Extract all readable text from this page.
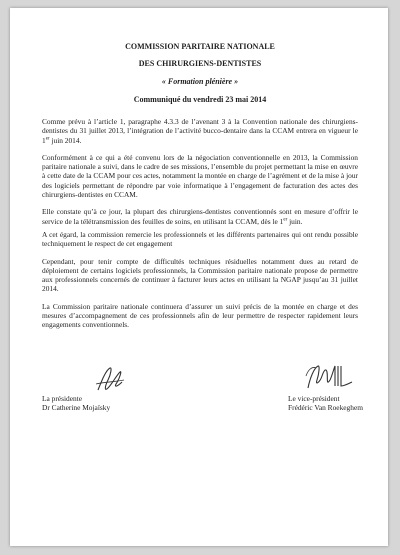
COMMISSION PARITAIRE NATIONALE
DES CHIRURGIENS-DENTISTES
« Formation plénière »
Communiqué du vendredi 23 mai 2014

Comme prévu à l’article 1, paragraphe 4.3.3 de l’avenant 3 à la Convention nationale des chirurgiens-dentistes du 31 juillet 2013, l’intégration de l’activité bucco-dentaire dans la CCAM entrera en vigueur le 1er juin 2014.

Conformément à ce qui a été convenu lors de la négociation conventionnelle en 2013, la Commission paritaire nationale a suivi, dans le cadre de ses missions, l’ensemble du projet permettant la mise en œuvre à cette date de la CCAM pour ces actes, notamment la montée en charge de l’agrément et de la mise à jour des logiciels permettant de répondre par voie informatique à l’engagement de facturation des actes des chirurgiens-dentistes en CCAM.

Elle constate qu’à ce jour, la plupart des chirurgiens-dentistes conventionnés sont en mesure d’offrir le service de la télétransmission des feuilles de soins, en utilisant la CCAM, dès le 1er juin.

A cet égard, la commission remercie les professionnels et les différents partenaires qui ont rendu possible techniquement le respect de cet engagement

Cependant, pour tenir compte de difficultés techniques résiduelles notamment dues au retard de déploiement de certains logiciels professionnels, la Commission paritaire nationale propose de permettre aux professionnels concernés de continuer à facturer leurs actes en utilisant la NGAP jusqu’au 31 juillet 2014.

La Commission paritaire nationale continuera d’assurer un suivi précis de la montée en charge et des mesures d’accompagnement de ces professionnels afin de leur permettre de respecter rapidement leurs engagements conventionnels.

La présidente
Dr Catherine Mojaïsky
Le vice-président
Frédéric Van Roekeghem
